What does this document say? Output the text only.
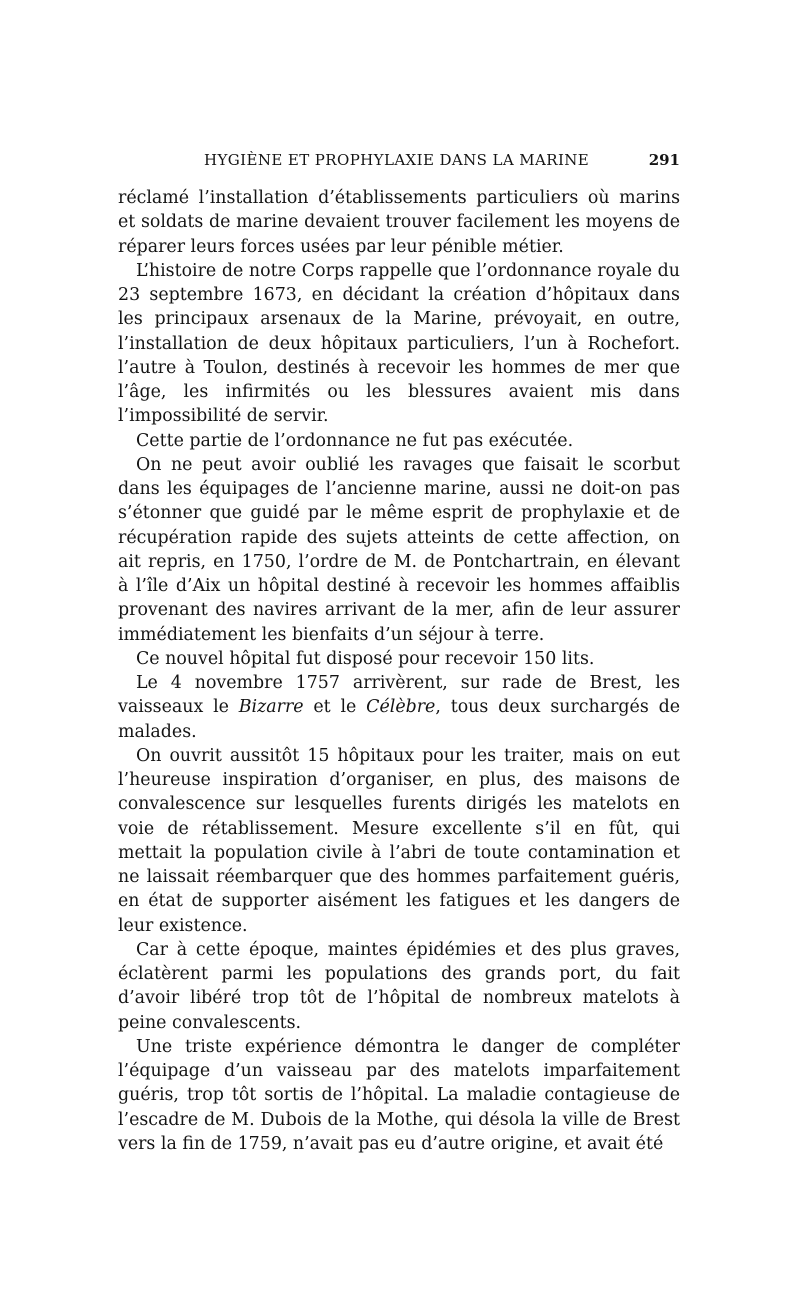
HYGIÈNE ET PROPHYLAXIE DANS LA MARINE	291

réclamé l’installation d’établissements particuliers où marins et soldats de marine devaient trouver facilement les moyens de réparer leurs forces usées par leur pénible métier.

L’histoire de notre Corps rappelle que l’ordonnance royale du 23 septembre 1673, en décidant la création d’hôpitaux dans les principaux arsenaux de la Marine, prévoyait, en outre, l’installation de deux hôpitaux particuliers, l’un à Rochefort. l’autre à Toulon, destinés à recevoir les hommes de mer que l’âge, les infirmités ou les blessures avaient mis dans l’impossibilité de servir.

Cette partie de l’ordonnance ne fut pas exécutée.

On ne peut avoir oublié les ravages que faisait le scorbut dans les équipages de l’ancienne marine, aussi ne doit-on pas s’étonner que guidé par le même esprit de prophylaxie et de récupération rapide des sujets atteints de cette affection, on ait repris, en 1750, l’ordre de M. de Pontchartrain, en élevant à l’île d’Aix un hôpital destiné à recevoir les hommes affaiblis provenant des navires arrivant de la mer, afin de leur assurer immédiatement les bienfaits d’un séjour à terre.

Ce nouvel hôpital fut disposé pour recevoir 150 lits.

Le 4 novembre 1757 arrivèrent, sur rade de Brest, les vaisseaux le Bizarre et le Célèbre, tous deux surchargés de malades.

On ouvrit aussitôt 15 hôpitaux pour les traiter, mais on eut l’heureuse inspiration d’organiser, en plus, des maisons de convalescence sur lesquelles furents dirigés les matelots en voie de rétablissement. Mesure excellente s’il en fût, qui mettait la population civile à l’abri de toute contamination et ne laissait réembarquer que des hommes parfaitement guéris, en état de supporter aisément les fatigues et les dangers de leur existence.

Car à cette époque, maintes épidémies et des plus graves, éclatèrent parmi les populations des grands port, du fait d’avoir libéré trop tôt de l’hôpital de nombreux matelots à peine convalescents.

Une triste expérience démontra le danger de compléter l’équipage d’un vaisseau par des matelots imparfaitement guéris, trop tôt sortis de l’hôpital. La maladie contagieuse de l’escadre de M. Dubois de la Mothe, qui désola la ville de Brest vers la fin de 1759, n’avait pas eu d’autre origine, et avait été
